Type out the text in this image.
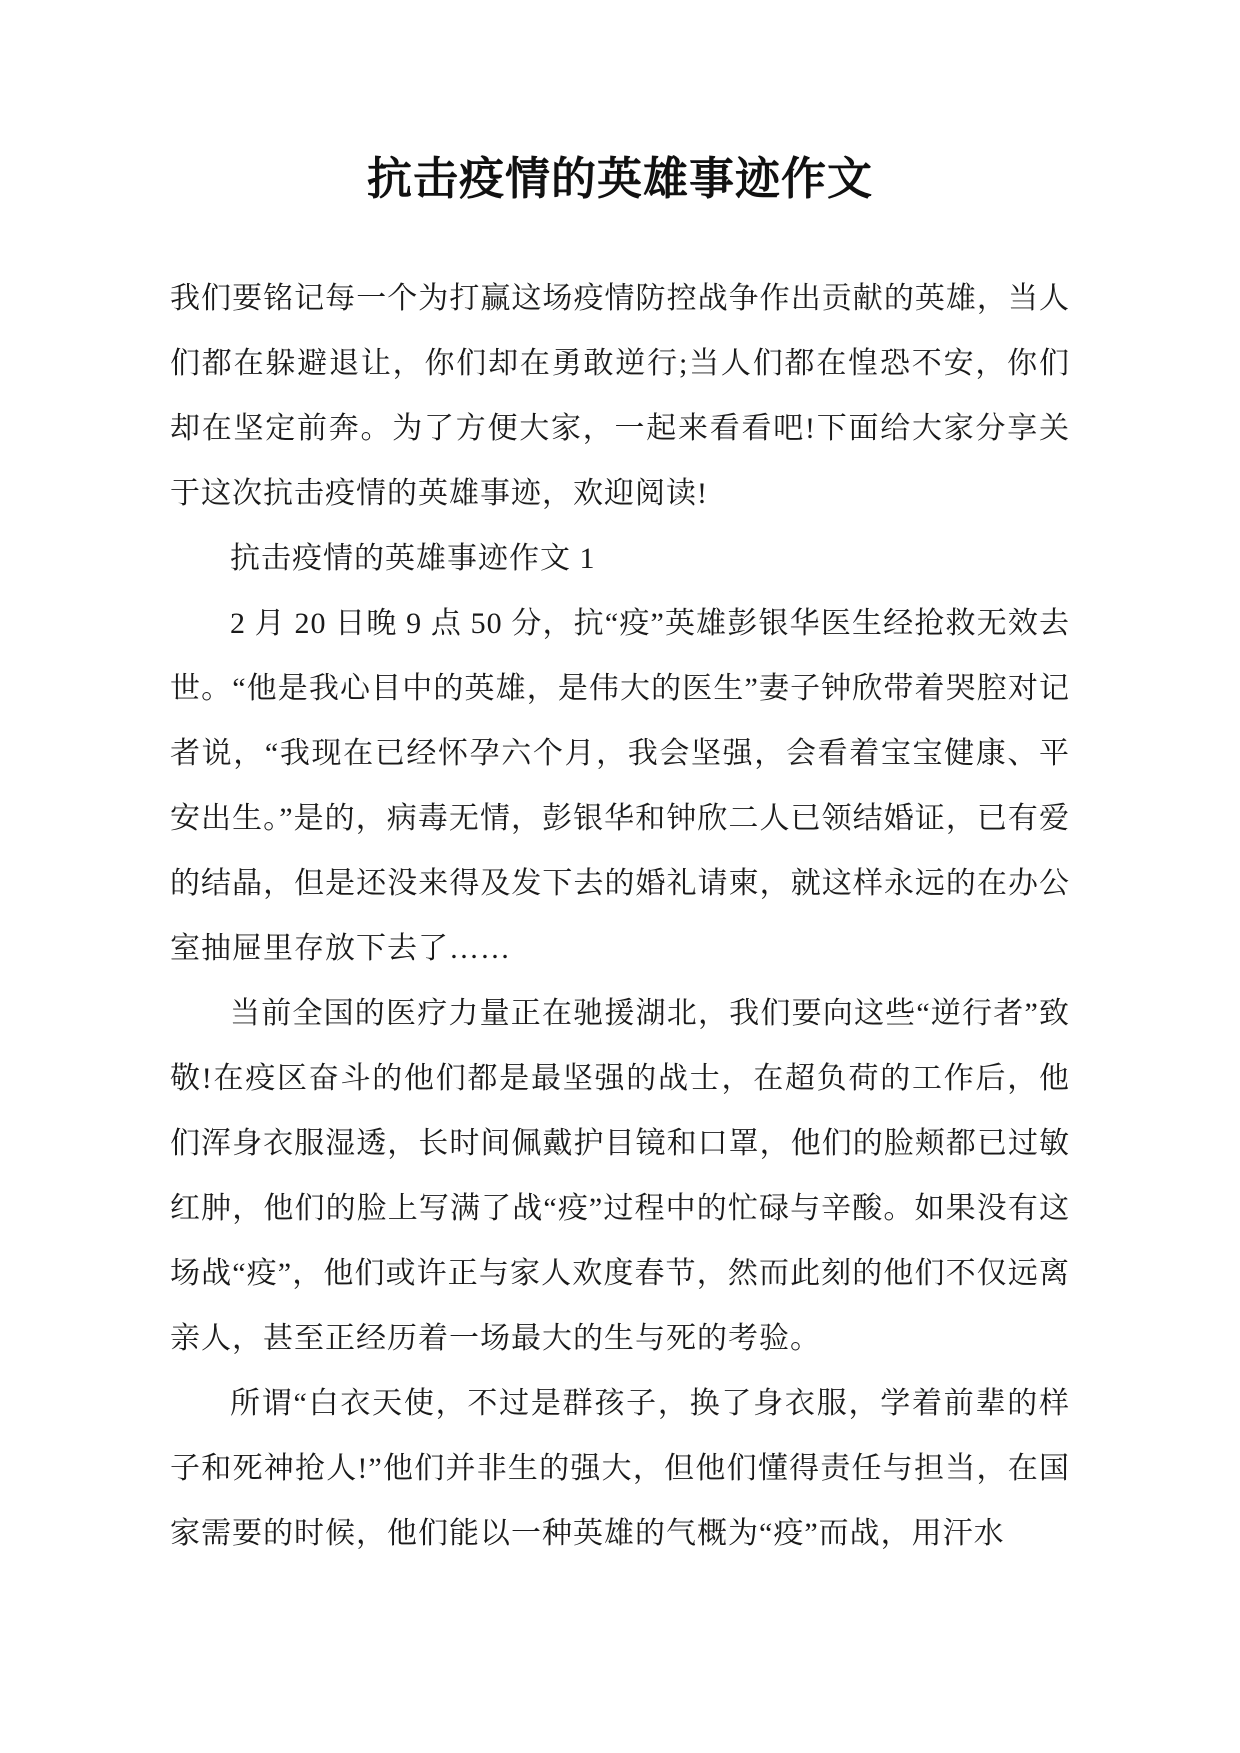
抗击疫情的英雄事迹作文

我们要铭记每一个为打赢这场疫情防控战争作出贡献的英雄，当人们都在躲避退让，你们却在勇敢逆行;当人们都在惶恐不安，你们却在坚定前奔。为了方便大家，一起来看看吧!下面给大家分享关于这次抗击疫情的英雄事迹，欢迎阅读!

抗击疫情的英雄事迹作文 1

2 月 20 日晚 9 点 50 分，抗“疫”英雄彭银华医生经抢救无效去世。“他是我心目中的英雄，是伟大的医生”妻子钟欣带着哭腔对记者说，“我现在已经怀孕六个月，我会坚强，会看着宝宝健康、平安出生。”是的，病毒无情，彭银华和钟欣二人已领结婚证，已有爱的结晶，但是还没来得及发下去的婚礼请柬，就这样永远的在办公室抽屉里存放下去了……

当前全国的医疗力量正在驰援湖北，我们要向这些“逆行者”致敬!在疫区奋斗的他们都是最坚强的战士，在超负荷的工作后，他们浑身衣服湿透，长时间佩戴护目镜和口罩，他们的脸颊都已过敏红肿，他们的脸上写满了战“疫”过程中的忙碌与辛酸。如果没有这场战“疫”，他们或许正与家人欢度春节，然而此刻的他们不仅远离亲人，甚至正经历着一场最大的生与死的考验。

所谓“白衣天使，不过是群孩子，换了身衣服，学着前辈的样子和死神抢人!”他们并非生的强大，但他们懂得责任与担当，在国家需要的时候，他们能以一种英雄的气概为“疫”而战，用汗水
